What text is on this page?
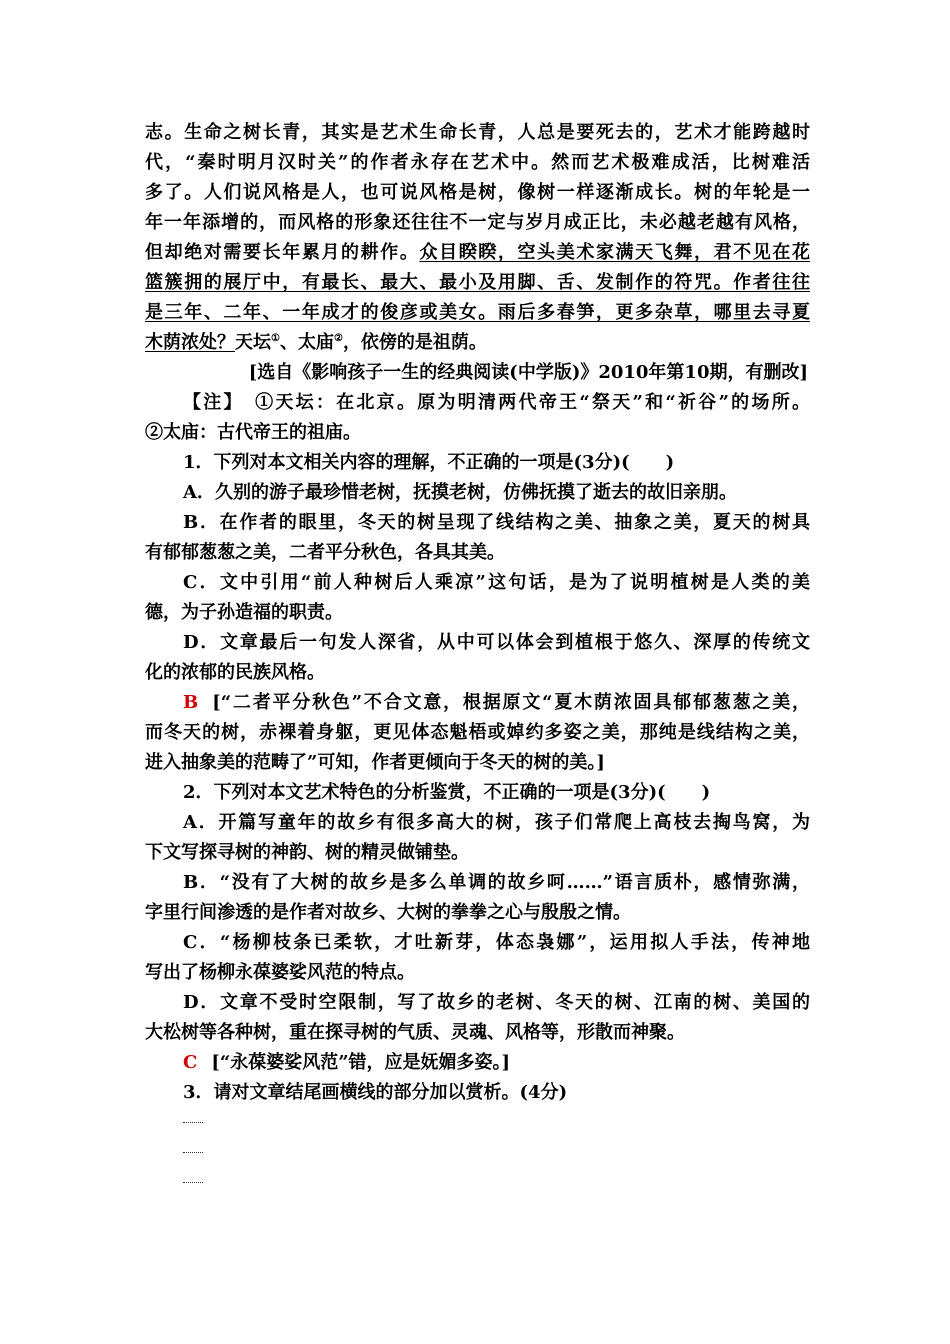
志。生命之树长青，其实是艺术生命长青，人总是要死去的，艺术才能跨越时
代，“秦时明月汉时关”的作者永存在艺术中。然而艺术极难成活，比树难活
多了。人们说风格是人，也可说风格是树，像树一样逐渐成长。树的年轮是一
年一年添增的，而风格的形象还往往不一定与岁月成正比，未必越老越有风格，
但却绝对需要长年累月的耕作。众目睽睽，空头美术家满天飞舞，君不见在花
篮簇拥的展厅中，有最长、最大、最小及用脚、舌、发制作的符咒。作者往往
是三年、二年、一年成才的俊彦或美女。雨后多春笋，更多杂草，哪里去寻夏
木荫浓处？天坛①、太庙②，依傍的是祖荫。
[选自《影响孩子一生的经典阅读(中学版)》2010年第10期，有删改]
【注】　①天坛：在北京。原为明清两代帝王“祭天”和“祈谷”的场所。
②太庙：古代帝王的祖庙。
1．下列对本文相关内容的理解，不正确的一项是(3分)(　　)
A．久别的游子最珍惜老树，抚摸老树，仿佛抚摸了逝去的故旧亲朋。
B．在作者的眼里，冬天的树呈现了线结构之美、抽象之美，夏天的树具
有郁郁葱葱之美，二者平分秋色，各具其美。
C．文中引用“前人种树后人乘凉”这句话，是为了说明植树是人类的美
德，为子孙造福的职责。
D．文章最后一句发人深省，从中可以体会到植根于悠久、深厚的传统文
化的浓郁的民族风格。
B [“二者平分秋色”不合文意，根据原文“夏木荫浓固具郁郁葱葱之美，
而冬天的树，赤裸着身躯，更见体态魁梧或婥约多姿之美，那纯是线结构之美，
进入抽象美的范畴了”可知，作者更倾向于冬天的树的美。]
2．下列对本文艺术特色的分析鉴赏，不正确的一项是(3分)(　　)
A．开篇写童年的故乡有很多高大的树，孩子们常爬上高枝去掏鸟窝，为
下文写探寻树的神韵、树的精灵做铺垫。
B．“没有了大树的故乡是多么单调的故乡呵……”语言质朴，感情弥满，
字里行间渗透的是作者对故乡、大树的拳拳之心与殷殷之情。
C．“杨柳枝条已柔软，才吐新芽，体态袅娜”，运用拟人手法，传神地
写出了杨柳永葆婆娑风范的特点。
D．文章不受时空限制，写了故乡的老树、冬天的树、江南的树、美国的
大松树等各种树，重在探寻树的气质、灵魂、风格等，形散而神聚。
C [“永葆婆娑风范”错，应是妩媚多姿。]
3．请对文章结尾画横线的部分加以赏析。(4分)
